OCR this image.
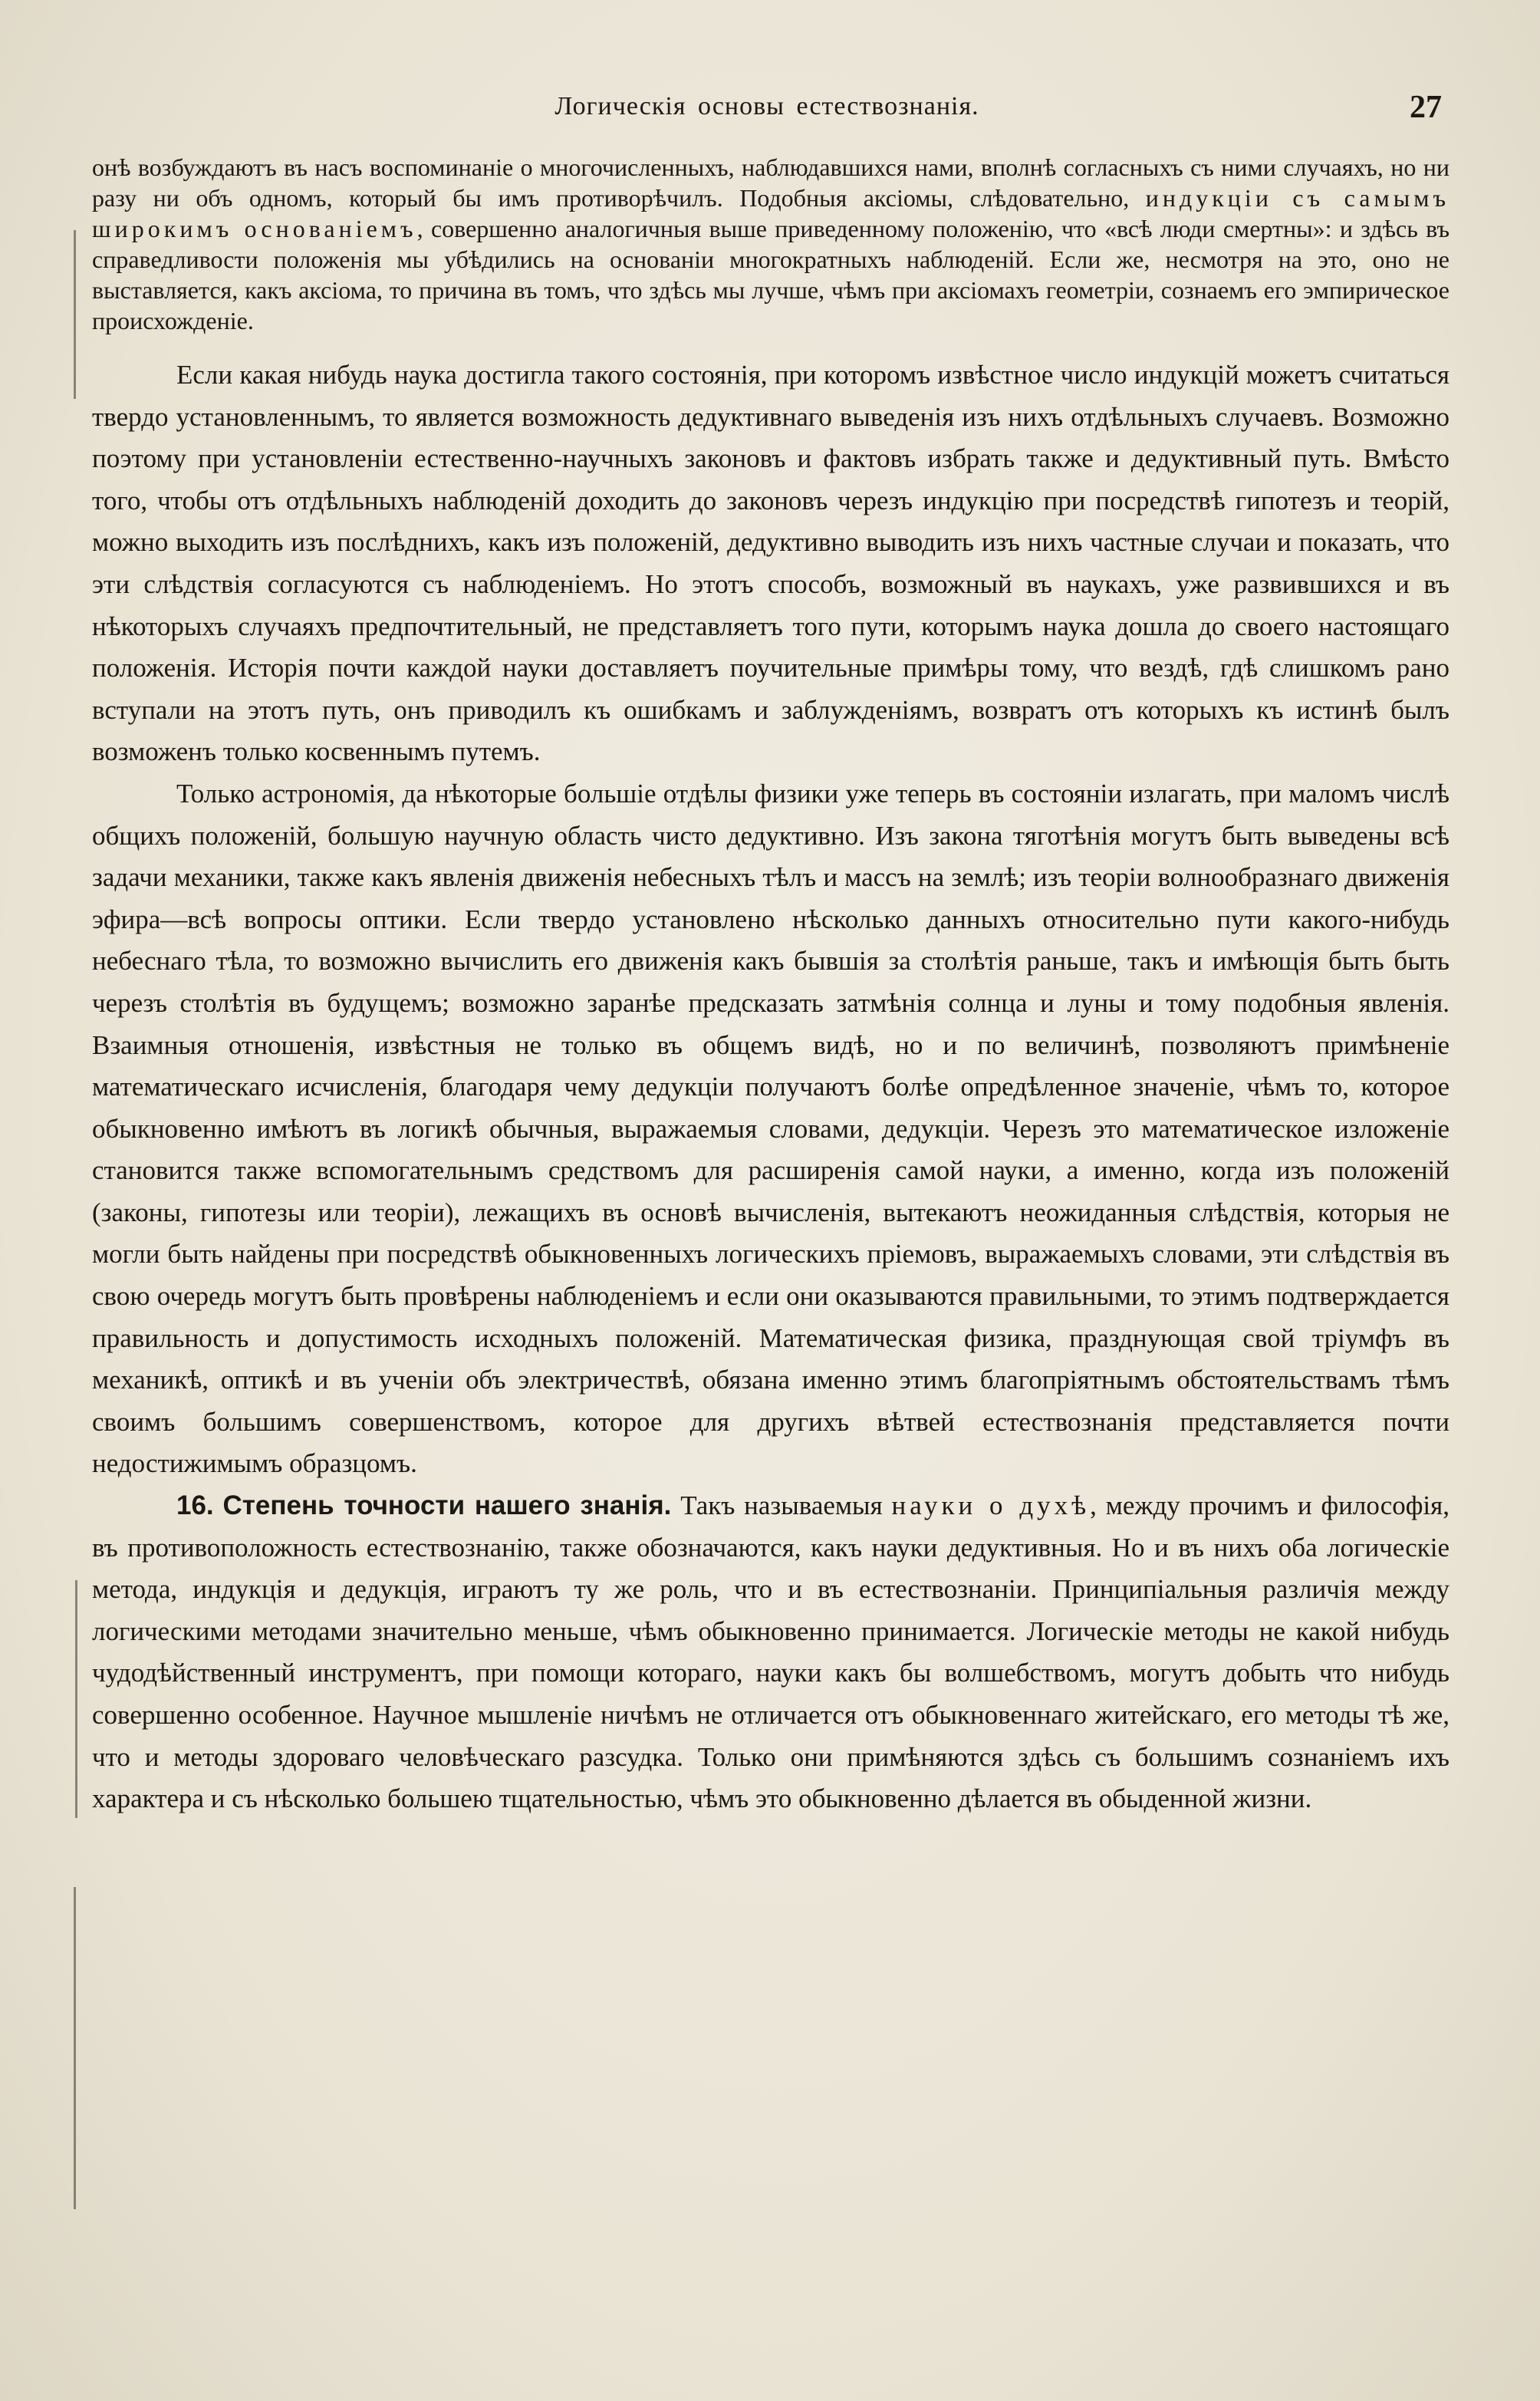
Логическія основы естествознанія.	27

онѣ возбуждаютъ въ насъ воспоминаніе о многочисленныхъ, наблюдавшихся нами, вполнѣ согласныхъ съ ними случаяхъ, но ни разу ни объ одномъ, который бы имъ противорѣчилъ. Подобныя аксіомы, слѣдовательно, индукціи съ самымъ широкимъ основаніемъ, совершенно аналогичныя выше приведенному положенію, что «всѣ люди смертны»: и здѣсь въ справедливости положенія мы убѣдились на основаніи многократныхъ наблюденій. Если же, несмотря на это, оно не выставляется, какъ аксіома, то причина въ томъ, что здѣсь мы лучше, чѣмъ при аксіомахъ геометріи, сознаемъ его эмпирическое происхожденіе.

Если какая нибудь наука достигла такого состоянія, при которомъ извѣстное число индукцій можетъ считаться твердо установленнымъ, то является возможность дедуктивнаго выведенія изъ нихъ отдѣльныхъ случаевъ. Возможно поэтому при установленіи естественно-научныхъ законовъ и фактовъ избрать также и дедуктивный путь. Вмѣсто того, чтобы отъ отдѣльныхъ наблюденій доходить до законовъ черезъ индукцію при посредствѣ гипотезъ и теорій, можно выходить изъ послѣднихъ, какъ изъ положеній, дедуктивно выводить изъ нихъ частные случаи и показать, что эти слѣдствія согласуются съ наблюденіемъ. Но этотъ способъ, возможный въ наукахъ, уже развившихся и въ нѣкоторыхъ случаяхъ предпочтительный, не представляетъ того пути, которымъ наука дошла до своего настоящаго положенія. Исторія почти каждой науки доставляетъ поучительные примѣры тому, что вездѣ, гдѣ слишкомъ рано вступали на этотъ путь, онъ приводилъ къ ошибкамъ и заблужденіямъ, возвратъ отъ которыхъ къ истинѣ былъ возможенъ только косвеннымъ путемъ.

Только астрономія, да нѣкоторые большіе отдѣлы физики уже теперь въ состояніи излагать, при маломъ числѣ общихъ положеній, большую научную область чисто дедуктивно. Изъ закона тяготѣнія могутъ быть выведены всѣ задачи механики, также какъ явленія движенія небесныхъ тѣлъ и массъ на землѣ; изъ теоріи волнообразнаго движенія эфира—всѣ вопросы оптики. Если твердо установлено нѣсколько данныхъ относительно пути какого-нибудь небеснаго тѣла, то возможно вычислить его движенія какъ бывшія за столѣтія раньше, такъ и имѣющія быть быть черезъ столѣтія въ будущемъ; возможно заранѣе предсказать затмѣнія солнца и луны и тому подобныя явленія. Взаимныя отношенія, извѣстныя не только въ общемъ видѣ, но и по величинѣ, позволяютъ примѣненіе математическаго исчисленія, благодаря чему дедукціи получаютъ болѣе опредѣленное значеніе, чѣмъ то, которое обыкновенно имѣютъ въ логикѣ обычныя, выражаемыя словами, дедукціи. Черезъ это математическое изложеніе становится также вспомогательнымъ средствомъ для расширенія самой науки, а именно, когда изъ положеній (законы, гипотезы или теоріи), лежащихъ въ основѣ вычисленія, вытекаютъ неожиданныя слѣдствія, которыя не могли быть найдены при посредствѣ обыкновенныхъ логическихъ пріемовъ, выражаемыхъ словами, эти слѣдствія въ свою очередь могутъ быть провѣрены наблюденіемъ и если они оказываются правильными, то этимъ подтверждается правильность и допустимость исходныхъ положеній. Математическая физика, празднующая свой тріумфъ въ механикѣ, оптикѣ и въ ученіи объ электричествѣ, обязана именно этимъ благопріятнымъ обстоятельствамъ тѣмъ своимъ большимъ совершенствомъ, которое для другихъ вѣтвей естествознанія представляется почти недостижимымъ образцомъ.

16. Степень точности нашего знанія. Такъ называемыя науки о духѣ, между прочимъ и философія, въ противоположность естествознанію, также обозначаются, какъ науки дедуктивныя. Но и въ нихъ оба логическіе метода, индукція и дедукція, играютъ ту же роль, что и въ естествознаніи. Принципіальныя различія между логическими методами значительно меньше, чѣмъ обыкновенно принимается. Логическіе методы не какой нибудь чудодѣйственный инструментъ, при помощи котораго, науки какъ бы волшебствомъ, могутъ добыть что нибудь совершенно особенное. Научное мышленіе ничѣмъ не отличается отъ обыкновеннаго житейскаго, его методы тѣ же, что и методы здороваго человѣческаго разсудка. Только они примѣняются здѣсь съ большимъ сознаніемъ ихъ характера и съ нѣсколько большею тщательностью, чѣмъ это обыкновенно дѣлается въ обыденной жизни.
